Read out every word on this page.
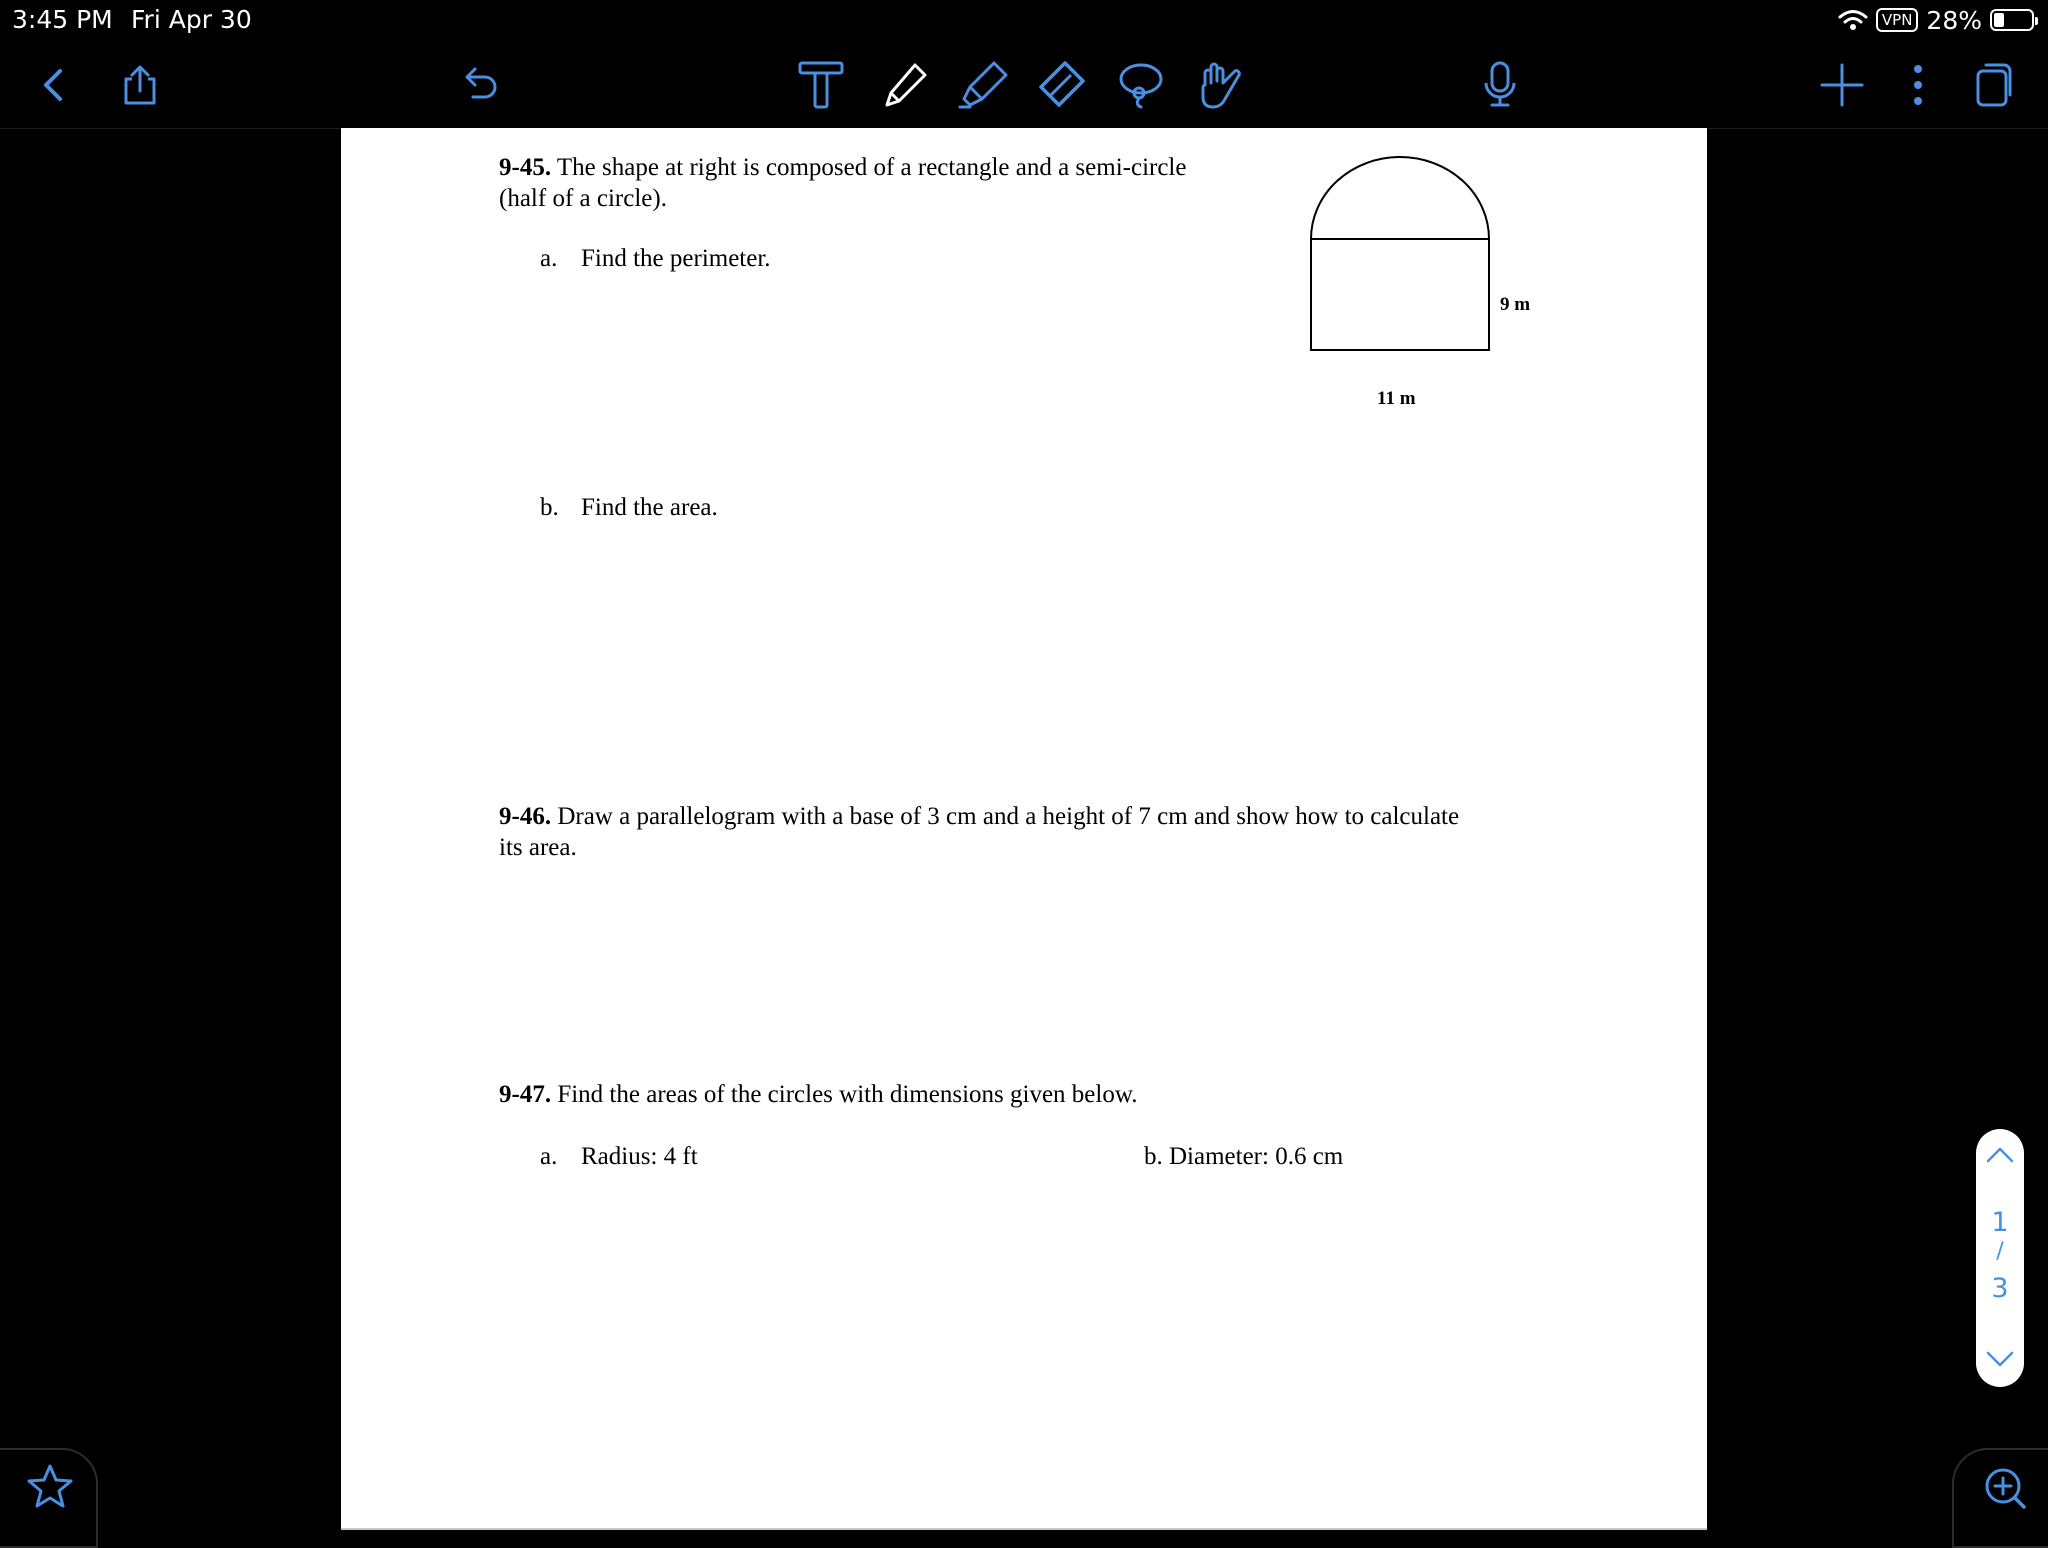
3:45 PM Fri Apr 30	VPN 28%
9-45. The shape at right is composed of a rectangle and a semi-circle
(half of a circle).
a. Find the perimeter.
9 m
11 m
b. Find the area.
9-46. Draw a parallelogram with a base of 3 cm and a height of 7 cm and show how to calculate
its area.
9-47. Find the areas of the circles with dimensions given below.
a. Radius: 4 ft	b. Diameter: 0.6 cm
1
/
3
